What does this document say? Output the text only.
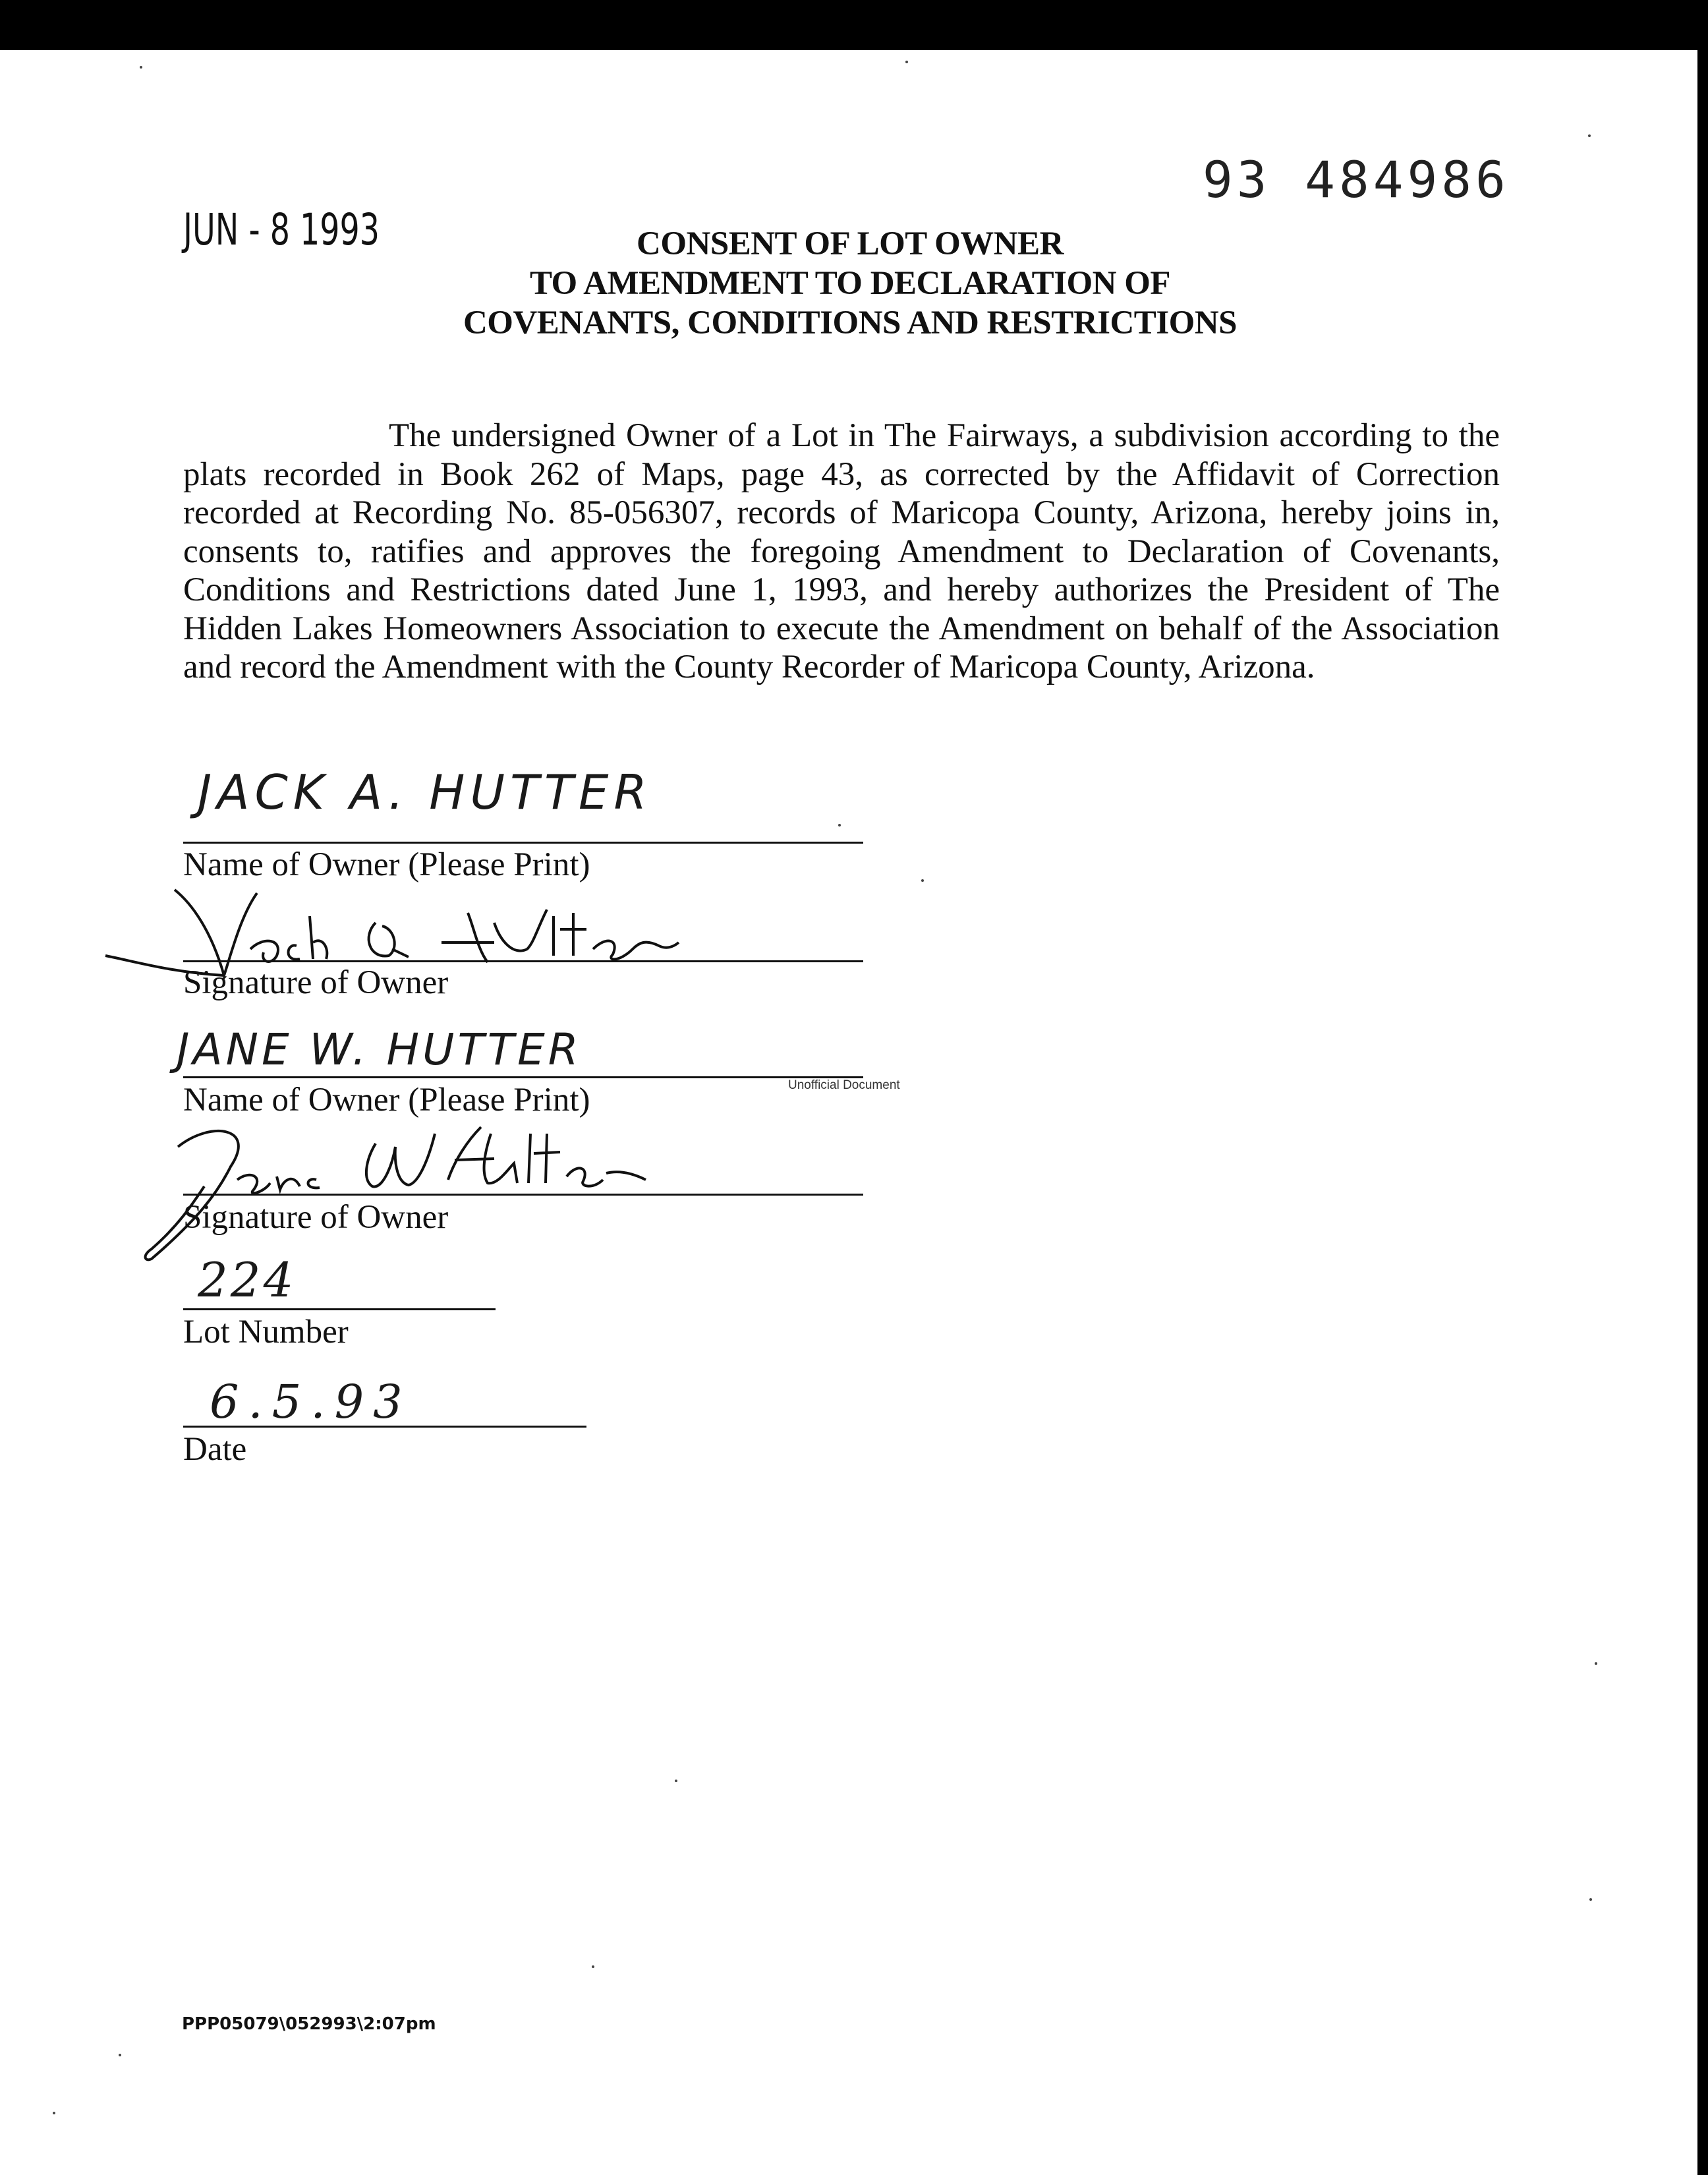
93 484986
JUN - 8 1993	CONSENT OF LOT OWNER
TO AMENDMENT TO DECLARATION OF
COVENANTS, CONDITIONS AND RESTRICTIONS
The undersigned Owner of a Lot in The Fairways, a subdivision according to the plats recorded in Book 262 of Maps, page 43, as corrected by the Affidavit of Correction recorded at Recording No. 85-056307, records of Maricopa County, Arizona, hereby joins in, consents to, ratifies and approves the foregoing Amendment to Declaration of Covenants, Conditions and Restrictions dated June 1, 1993, and hereby authorizes the President of The Hidden Lakes Homeowners Association to execute the Amendment on behalf of the Association and record the Amendment with the County Recorder of Maricopa County, Arizona.
JACK A. HUTTER
Name of Owner (Please Print)
Signature of Owner
JANE W. HUTTER
Unofficial Document
Name of Owner (Please Print)
Signature of Owner
224
Lot Number
6.5.93
Date
PPP05079\052993\2:07pm
